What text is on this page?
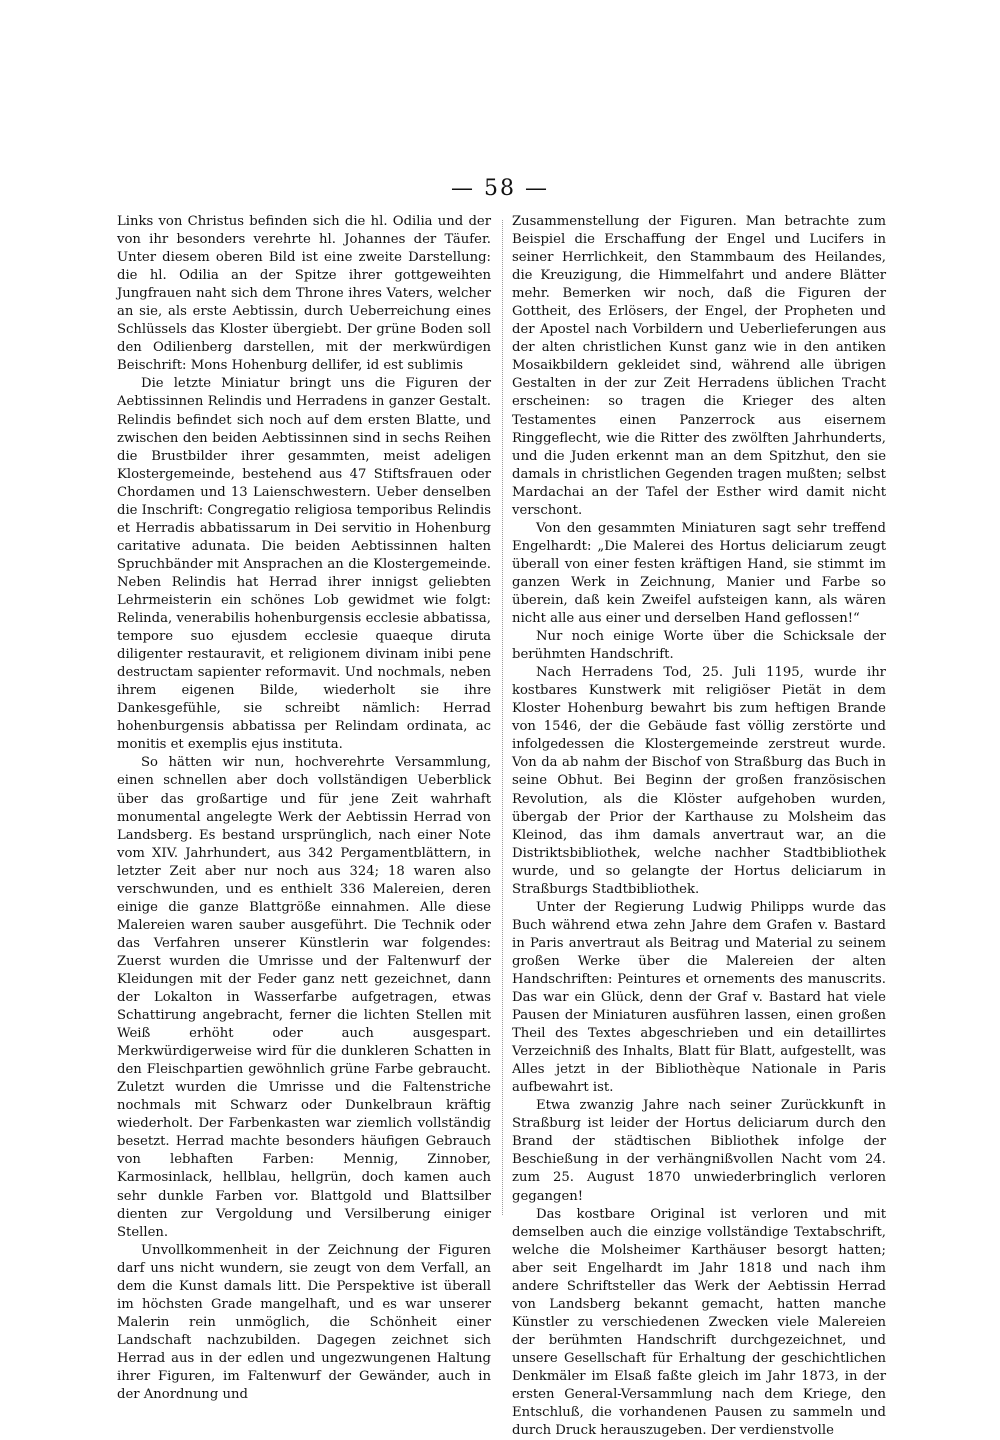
— 58 —

Links von Christus befinden sich die hl. Odilia und der von ihr besonders verehrte hl. Johannes der Täufer. Unter diesem oberen Bild ist eine zweite Darstellung: die hl. Odilia an der Spitze ihrer gottgeweihten Jungfrauen naht sich dem Throne ihres Vaters, welcher an sie, als erste Aebtissin, durch Ueberreichung eines Schlüssels das Kloster übergiebt. Der grüne Boden soll den Odilienberg darstellen, mit der merkwürdigen Beischrift: Mons Hohenburg dellifer, id est sublimis

Die letzte Miniatur bringt uns die Figuren der Aebtissinnen Relindis und Herradens in ganzer Gestalt. Relindis befindet sich noch auf dem ersten Blatte, und zwischen den beiden Aebtissinnen sind in sechs Reihen die Brustbilder ihrer gesammten, meist adeligen Klostergemeinde, bestehend aus 47 Stiftsfrauen oder Chordamen und 13 Laienschwestern. Ueber denselben die Inschrift: Congregatio religiosa temporibus Relindis et Herradis abbatissarum in Dei servitio in Hohenburg caritative adunata. Die beiden Aebtissinnen halten Spruchbänder mit Ansprachen an die Klostergemeinde. Neben Relindis hat Herrad ihrer innigst geliebten Lehrmeisterin ein schönes Lob gewidmet wie folgt: Relinda, venerabilis hohenburgensis ecclesie abbatissa, tempore suo ejusdem ecclesie quaeque diruta diligenter restauravit, et religionem divinam inibi pene destructam sapienter reformavit. Und nochmals, neben ihrem eigenen Bilde, wiederholt sie ihre Dankesgefühle, sie schreibt nämlich: Herrad hohenburgensis abbatissa per Relindam ordinata, ac monitis et exemplis ejus instituta.

So hätten wir nun, hochverehrte Versammlung, einen schnellen aber doch vollständigen Ueberblick über das großartige und für jene Zeit wahrhaft monumental angelegte Werk der Aebtissin Herrad von Landsberg. Es bestand ursprünglich, nach einer Note vom XIV. Jahrhundert, aus 342 Pergamentblättern, in letzter Zeit aber nur noch aus 324; 18 waren also verschwunden, und es enthielt 336 Malereien, deren einige die ganze Blattgröße einnahmen. Alle diese Malereien waren sauber ausgeführt. Die Technik oder das Verfahren unserer Künstlerin war folgendes: Zuerst wurden die Umrisse und der Faltenwurf der Kleidungen mit der Feder ganz nett gezeichnet, dann der Lokalton in Wasserfarbe aufgetragen, etwas Schattirung angebracht, ferner die lichten Stellen mit Weiß erhöht oder auch ausgespart. Merkwürdigerweise wird für die dunkleren Schatten in den Fleischpartien gewöhnlich grüne Farbe gebraucht. Zuletzt wurden die Umrisse und die Faltenstriche nochmals mit Schwarz oder Dunkelbraun kräftig wiederholt. Der Farbenkasten war ziemlich vollständig besetzt. Herrad machte besonders häufigen Gebrauch von lebhaften Farben: Mennig, Zinnober, Karmosinlack, hellblau, hellgrün, doch kamen auch sehr dunkle Farben vor. Blattgold und Blattsilber dienten zur Vergoldung und Versilberung einiger Stellen.

Unvollkommenheit in der Zeichnung der Figuren darf uns nicht wundern, sie zeugt von dem Verfall, an dem die Kunst damals litt. Die Perspektive ist überall im höchsten Grade mangelhaft, und es war unserer Malerin rein unmöglich, die Schönheit einer Landschaft nachzubilden. Dagegen zeichnet sich Herrad aus in der edlen und ungezwungenen Haltung ihrer Figuren, im Faltenwurf der Gewänder, auch in der Anordnung und

Zusammenstellung der Figuren. Man betrachte zum Beispiel die Erschaffung der Engel und Lucifers in seiner Herrlichkeit, den Stammbaum des Heilandes, die Kreuzigung, die Himmelfahrt und andere Blätter mehr. Bemerken wir noch, daß die Figuren der Gottheit, des Erlösers, der Engel, der Propheten und der Apostel nach Vorbildern und Ueberlieferungen aus der alten christlichen Kunst ganz wie in den antiken Mosaikbildern gekleidet sind, während alle übrigen Gestalten in der zur Zeit Herradens üblichen Tracht erscheinen: so tragen die Krieger des alten Testamentes einen Panzerrock aus eisernem Ringgeflecht, wie die Ritter des zwölften Jahrhunderts, und die Juden erkennt man an dem Spitzhut, den sie damals in christlichen Gegenden tragen mußten; selbst Mardachai an der Tafel der Esther wird damit nicht verschont.

Von den gesammten Miniaturen sagt sehr treffend Engelhardt: „Die Malerei des Hortus deliciarum zeugt überall von einer festen kräftigen Hand, sie stimmt im ganzen Werk in Zeichnung, Manier und Farbe so überein, daß kein Zweifel aufsteigen kann, als wären nicht alle aus einer und derselben Hand geflossen!“

Nur noch einige Worte über die Schicksale der berühmten Handschrift.

Nach Herradens Tod, 25. Juli 1195, wurde ihr kostbares Kunstwerk mit religiöser Pietät in dem Kloster Hohenburg bewahrt bis zum heftigen Brande von 1546, der die Gebäude fast völlig zerstörte und infolgedessen die Klostergemeinde zerstreut wurde. Von da ab nahm der Bischof von Straßburg das Buch in seine Obhut. Bei Beginn der großen französischen Revolution, als die Klöster aufgehoben wurden, übergab der Prior der Karthause zu Molsheim das Kleinod, das ihm damals anvertraut war, an die Distriktsbibliothek, welche nachher Stadtbibliothek wurde, und so gelangte der Hortus deliciarum in Straßburgs Stadtbibliothek.

Unter der Regierung Ludwig Philipps wurde das Buch während etwa zehn Jahre dem Grafen v. Bastard in Paris anvertraut als Beitrag und Material zu seinem großen Werke über die Malereien der alten Handschriften: Peintures et ornements des manuscrits. Das war ein Glück, denn der Graf v. Bastard hat viele Pausen der Miniaturen ausführen lassen, einen großen Theil des Textes abgeschrieben und ein detaillirtes Verzeichniß des Inhalts, Blatt für Blatt, aufgestellt, was Alles jetzt in der Bibliothèque Nationale in Paris aufbewahrt ist.

Etwa zwanzig Jahre nach seiner Zurückkunft in Straßburg ist leider der Hortus deliciarum durch den Brand der städtischen Bibliothek infolge der Beschießung in der verhängnißvollen Nacht vom 24. zum 25. August 1870 unwiederbringlich verloren gegangen!

Das kostbare Original ist verloren und mit demselben auch die einzige vollständige Textabschrift, welche die Molsheimer Karthäuser besorgt hatten; aber seit Engelhardt im Jahr 1818 und nach ihm andere Schriftsteller das Werk der Aebtissin Herrad von Landsberg bekannt gemacht, hatten manche Künstler zu verschiedenen Zwecken viele Malereien der berühmten Handschrift durchgezeichnet, und unsere Gesellschaft für Erhaltung der geschichtlichen Denkmäler im Elsaß faßte gleich im Jahr 1873, in der ersten General-Versammlung nach dem Kriege, den Entschluß, die vorhandenen Pausen zu sammeln und durch Druck herauszugeben. Der verdienstvolle
